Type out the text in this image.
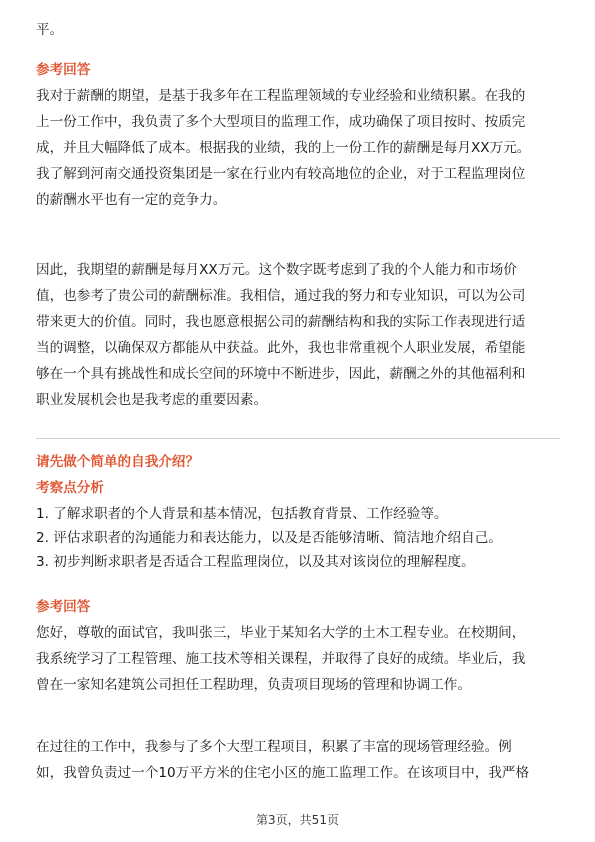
平。

参考回答

我对于薪酬的期望，是基于我多年在工程监理领域的专业经验和业绩积累。在我的

上一份工作中，我负责了多个大型项目的监理工作，成功确保了项目按时、按质完

成，并且大幅降低了成本。根据我的业绩，我的上一份工作的薪酬是每月XX万元。

我了解到河南交通投资集团是一家在行业内有较高地位的企业，对于工程监理岗位

的薪酬水平也有一定的竞争力。

因此，我期望的薪酬是每月XX万元。这个数字既考虑到了我的个人能力和市场价

值，也参考了贵公司的薪酬标准。我相信，通过我的努力和专业知识，可以为公司

带来更大的价值。同时，我也愿意根据公司的薪酬结构和我的实际工作表现进行适

当的调整，以确保双方都能从中获益。此外，我也非常重视个人职业发展，希望能

够在一个具有挑战性和成长空间的环境中不断进步，因此，薪酬之外的其他福利和

职业发展机会也是我考虑的重要因素。

请先做个简单的自我介绍？

考察点分析

1. 了解求职者的个人背景和基本情况，包括教育背景、工作经验等。

2. 评估求职者的沟通能力和表达能力，以及是否能够清晰、简洁地介绍自己。

3. 初步判断求职者是否适合工程监理岗位，以及其对该岗位的理解程度。

参考回答

您好，尊敬的面试官，我叫张三，毕业于某知名大学的土木工程专业。在校期间，

我系统学习了工程管理、施工技术等相关课程，并取得了良好的成绩。毕业后，我

曾在一家知名建筑公司担任工程助理，负责项目现场的管理和协调工作。

在过往的工作中，我参与了多个大型工程项目，积累了丰富的现场管理经验。例

如，我曾负责过一个10万平方米的住宅小区的施工监理工作。在该项目中，我严格

第3页，共51页
